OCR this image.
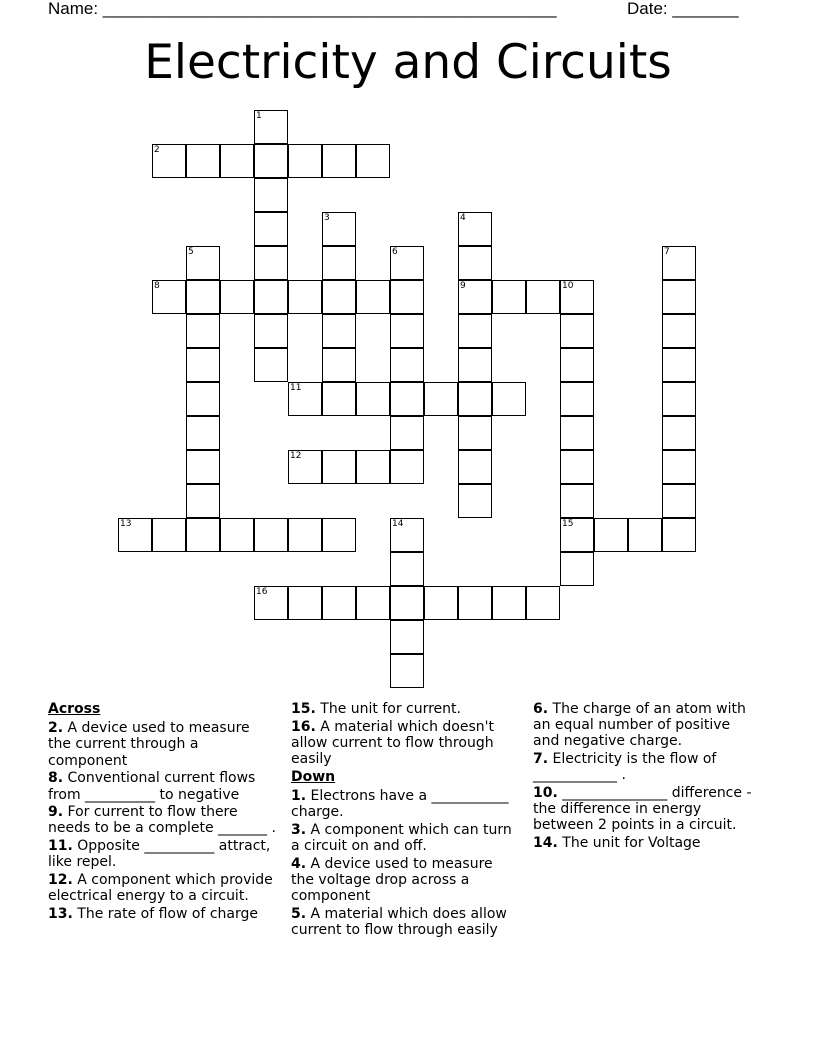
Name: ________________________________________________	Date: _______
Electricity and Circuits
1
2
3	4
9
5	6	7
8	10
15
11
12
13	14
16
Across
2. A device used to measure the current through a component
8. Conventional current flows from __________ to negative
9. For current to flow there needs to be a complete _______ .
11. Opposite __________ attract, like repel.
12. A component which provide electrical energy to a circuit.
13. The rate of flow of charge
15. The unit for current.
16. A material which doesn't allow current to flow through easily
Down
1. Electrons have a ___________ charge.
3. A component which can turn a circuit on and off.
4. A device used to measure the voltage drop across a component
5. A material which does allow current to flow through easily
6. The charge of an atom with an equal number of positive and negative charge.
7. Electricity is the flow of ____________ .
10. _______________ difference - the difference in energy between 2 points in a circuit.
14. The unit for Voltage
